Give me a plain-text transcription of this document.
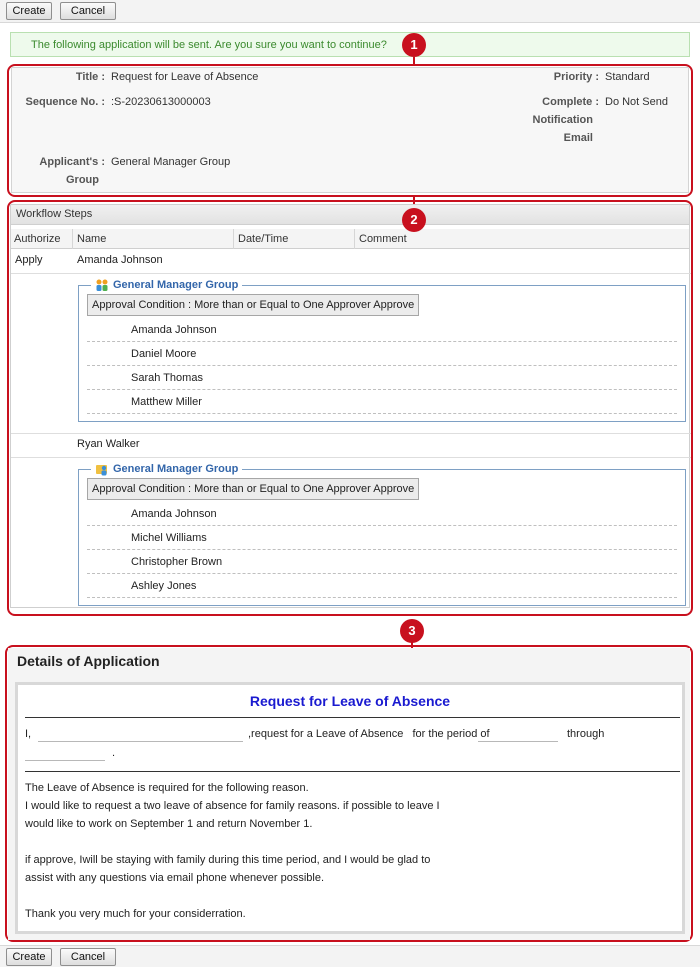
Create	Cancel
The following application will be sent. Are you sure you want to continue?	1
Title : Request for Leave of Absence
Sequence No. : :S-20230613000003
Applicant's :
Group
General Manager Group
Priority : Standard
Complete :
Notification
Email
Do Not Send
2
Workflow Steps
Authorize	Name	Date/Time	Comment
Apply	Amanda Johnson
General Manager Group
Approval Condition : More than or Equal to One Approver Approve
Amanda Johnson
Daniel Moore
Sarah Thomas
Matthew Miller
Ryan Walker
General Manager Group
Approval Condition : More than or Equal to One Approver Approve
Amanda Johnson
Michel Williams
Christopher Brown
Ashley Jones
3
Details of Application
Request for Leave of Absence
I,	,request for a Leave of Absence   for the period of	through
.

The Leave of Absence is required for the following reason.

I would like to request a two leave of absence for family reasons. if possible to leave I

would like to work on September 1 and return November 1.

if approve, Iwill be staying with family during this time period, and I would be glad to

assist with any questions via email phone whenever possible.

Thank you very much for your considerration.

Create	Cancel
